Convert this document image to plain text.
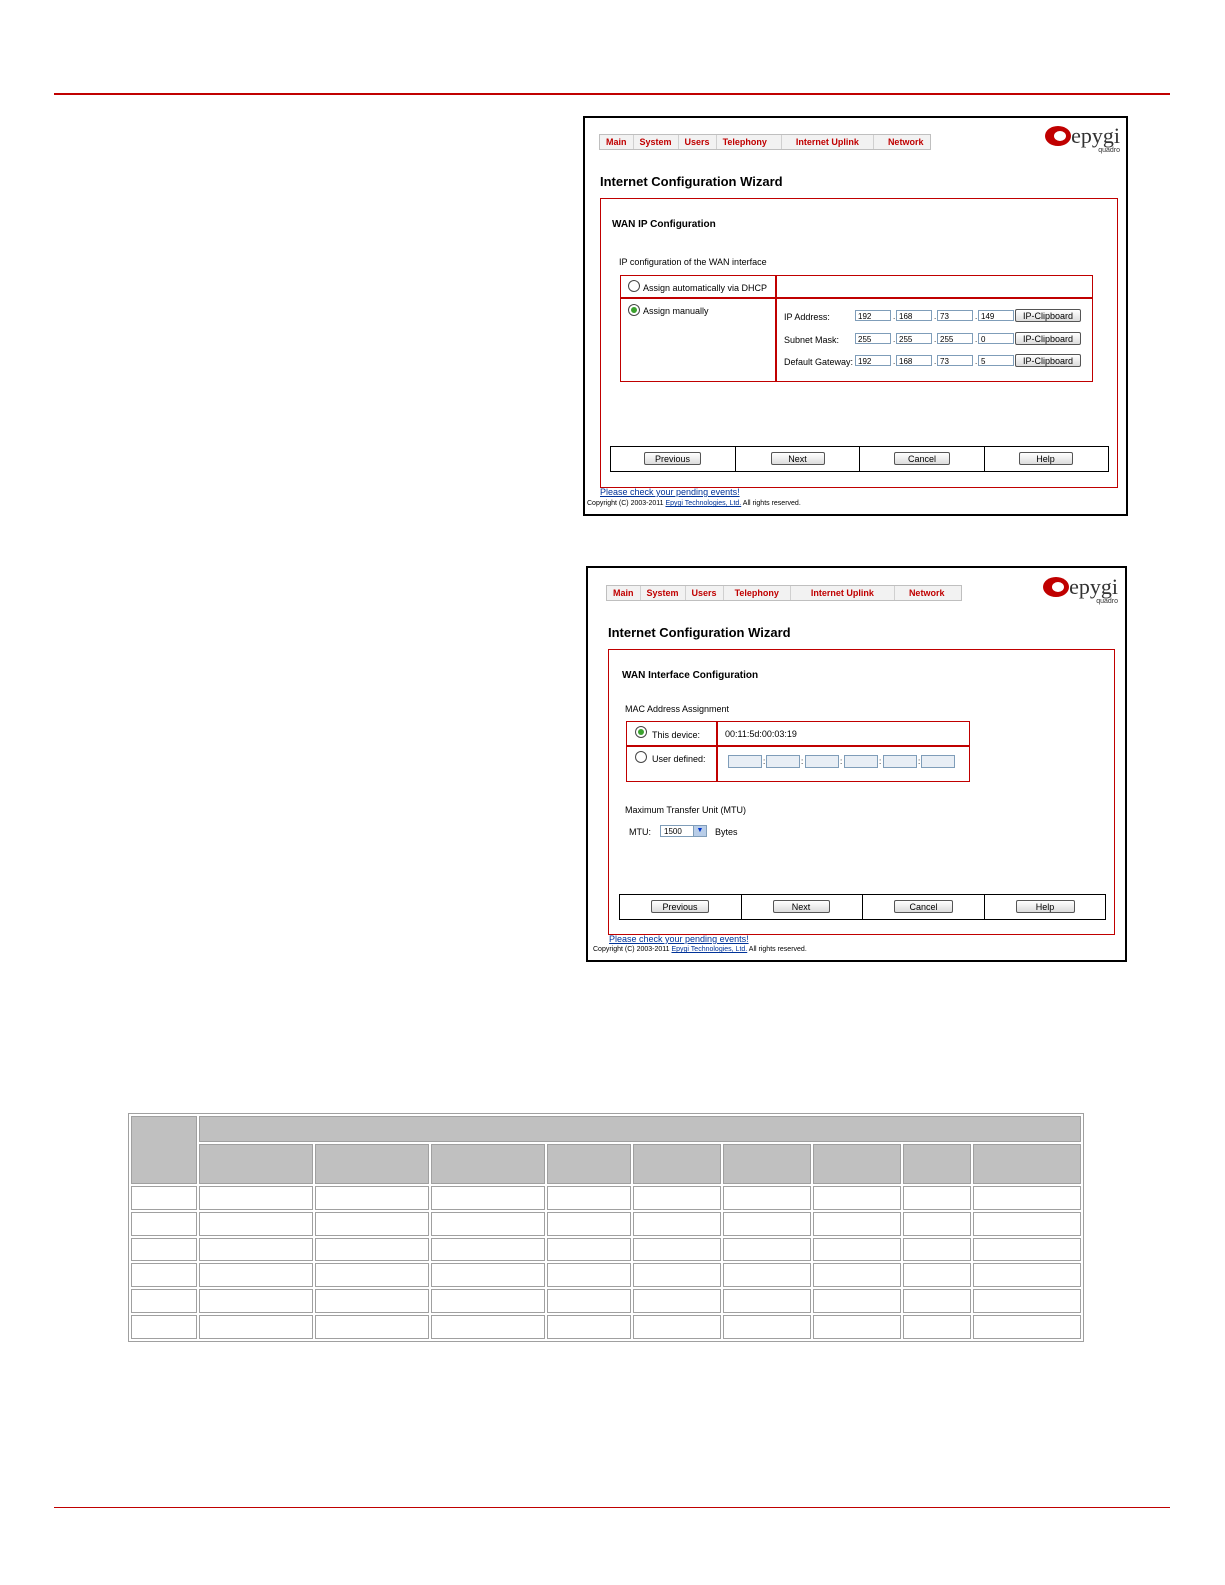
Main	System	Users	Telephony	Internet Uplink	Network	epygi
quadro
Internet Configuration Wizard
WAN IP Configuration
IP configuration of the WAN interface
Assign automatically via DHCP
Assign manually
IP Address:	192	. 168	. 73	. 149	IP-Clipboard
Subnet Mask:	255	. 255	. 255	. 0	IP-Clipboard
Default Gateway: 192	. 168	. 73	. 5	IP-Clipboard
Previous	Next	Cancel	Help
Please check your pending events!
Copyright (C) 2003-2011 Epygi Technologies, Ltd. All rights reserved.
Main	System	Users	Telephony	Internet Uplink	Network	epygi
quadro
Internet Configuration Wizard
WAN Interface Configuration
MAC Address Assignment
This device:	00:11:5d:00:03:19
User defined:	:	:	:	:	:
Maximum Transfer Unit (MTU)
MTU:	1500	▼ Bytes
Previous	Next	Cancel	Help
Please check your pending events!
Copyright (C) 2003-2011 Epygi Technologies, Ltd. All rights reserved.
